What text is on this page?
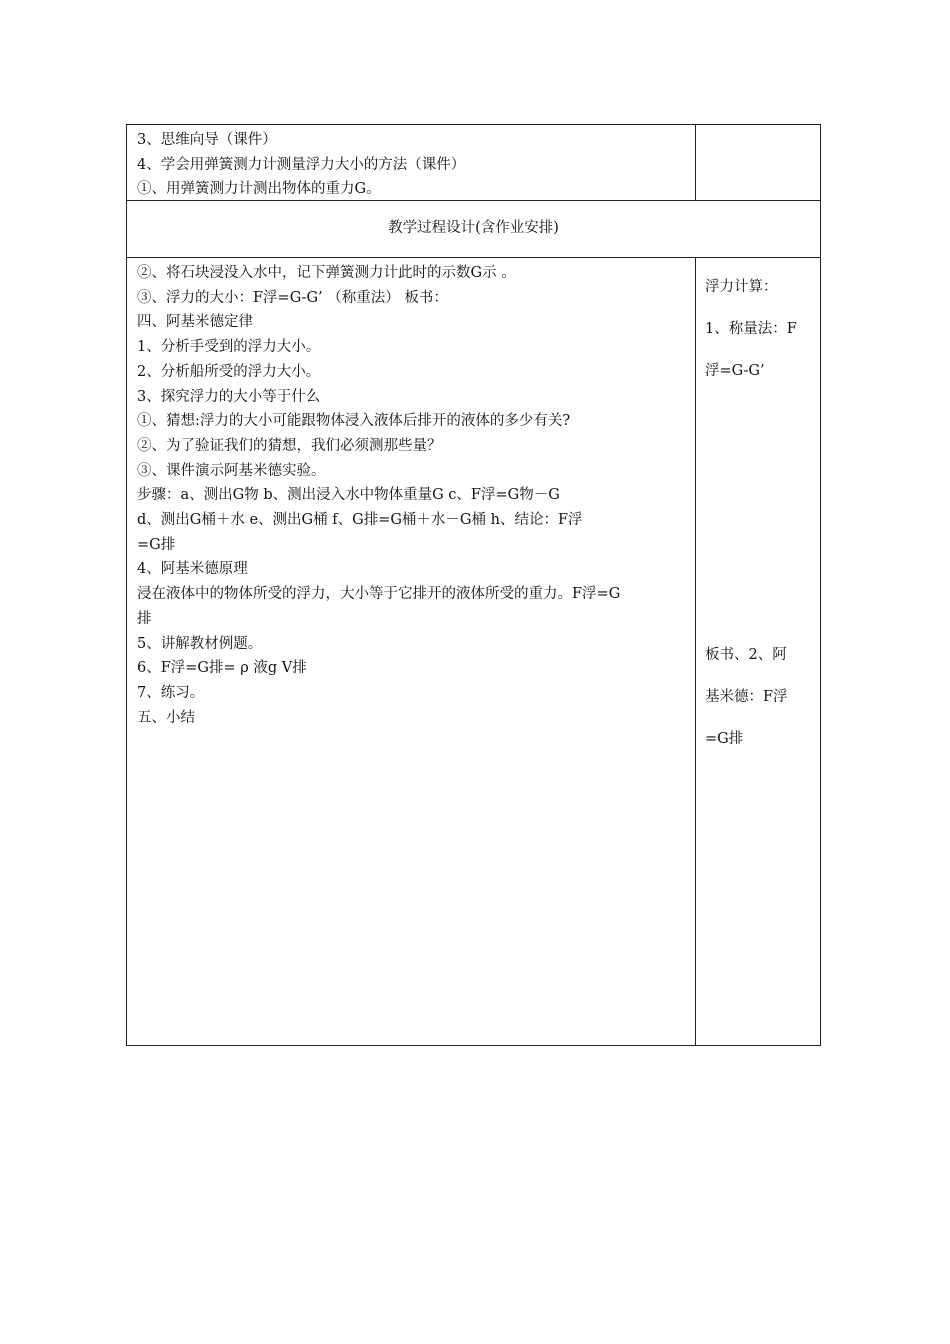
3、思维向导（课件）
4、学会用弹簧测力计测量浮力大小的方法（课件）
①、用弹簧测力计测出物体的重力G。
教学过程设计(含作业安排)
②、将石块浸没入水中，记下弹簧测力计此时的示数G示 。
③、浮力的大小：F浮=G-G’ （称重法） 板书：
四、阿基米德定律
1、分析手受到的浮力大小。
2、分析船所受的浮力大小。
3、探究浮力的大小等于什么
①、猜想:浮力的大小可能跟物体浸入液体后排开的液体的多少有关?
②、为了验证我们的猜想，我们必须测那些量？
③、课件演示阿基米德实验。
步骤：a、测出G物 b、测出浸入水中物体重量G c、F浮=G物－G
d、测出G桶＋水 e、测出G桶 f、G排=G桶＋水－G桶 h、结论：F浮
=G排
4、阿基米德原理
浸在液体中的物体所受的浮力，大小等于它排开的液体所受的重力。F浮=G
排
5、讲解教材例题。
6、F浮=G排= ρ 液g V排
7、练习。
五、小结
浮力计算：
1、称量法：F
浮=G-G’
板书、2、阿
基米德：F浮
=G排
